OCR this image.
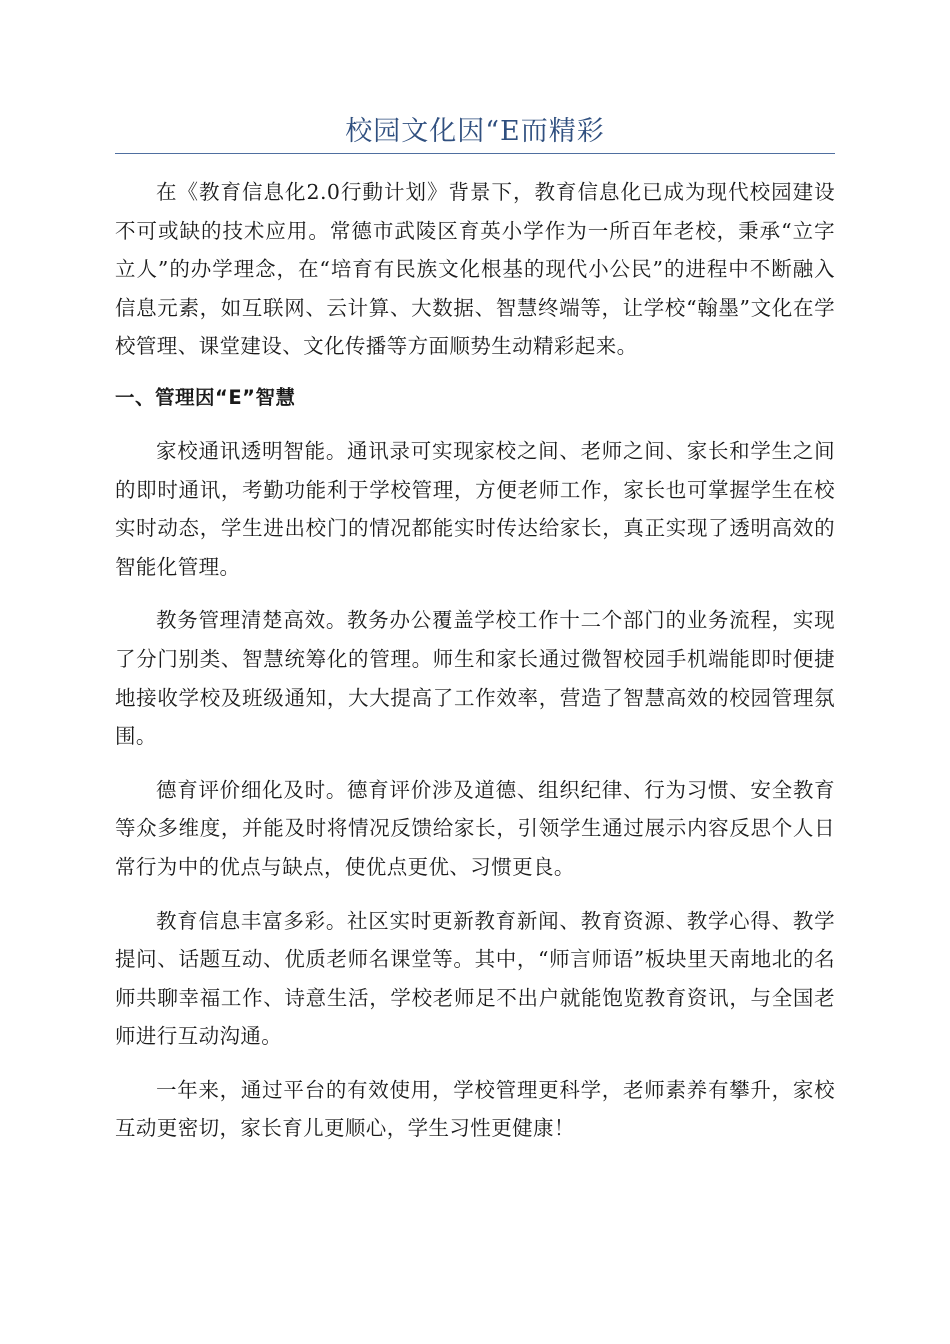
校园文化因“E而精彩

在《教育信息化2.0行動计划》背景下，教育信息化已成为现代校园建设不可或缺的技术应用。常德市武陵区育英小学作为一所百年老校，秉承“立字立人”的办学理念，在“培育有民族文化根基的现代小公民”的进程中不断融入信息元素，如互联网、云计算、大数据、智慧终端等，让学校“翰墨”文化在学校管理、课堂建设、文化传播等方面顺势生动精彩起来。

一、管理因“E”智慧

家校通讯透明智能。通讯录可实现家校之间、老师之间、家长和学生之间的即时通讯，考勤功能利于学校管理，方便老师工作，家长也可掌握学生在校实时动态，学生进出校门的情况都能实时传达给家长，真正实现了透明高效的智能化管理。

教务管理清楚高效。教务办公覆盖学校工作十二个部门的业务流程，实现了分门别类、智慧统筹化的管理。师生和家长通过微智校园手机端能即时便捷地接收学校及班级通知，大大提高了工作效率，营造了智慧高效的校园管理氛围。

德育评价细化及时。德育评价涉及道德、组织纪律、行为习惯、安全教育等众多维度，并能及时将情况反馈给家长，引领学生通过展示内容反思个人日常行为中的优点与缺点，使优点更优、习惯更良。

教育信息丰富多彩。社区实时更新教育新闻、教育资源、教学心得、教学提问、话题互动、优质老师名课堂等。其中，“师言师语”板块里天南地北的名师共聊幸福工作、诗意生活，学校老师足不出户就能饱览教育资讯，与全国老师进行互动沟通。

一年来，通过平台的有效使用，学校管理更科学，老师素养有攀升，家校互动更密切，家长育儿更顺心，学生习性更健康！
